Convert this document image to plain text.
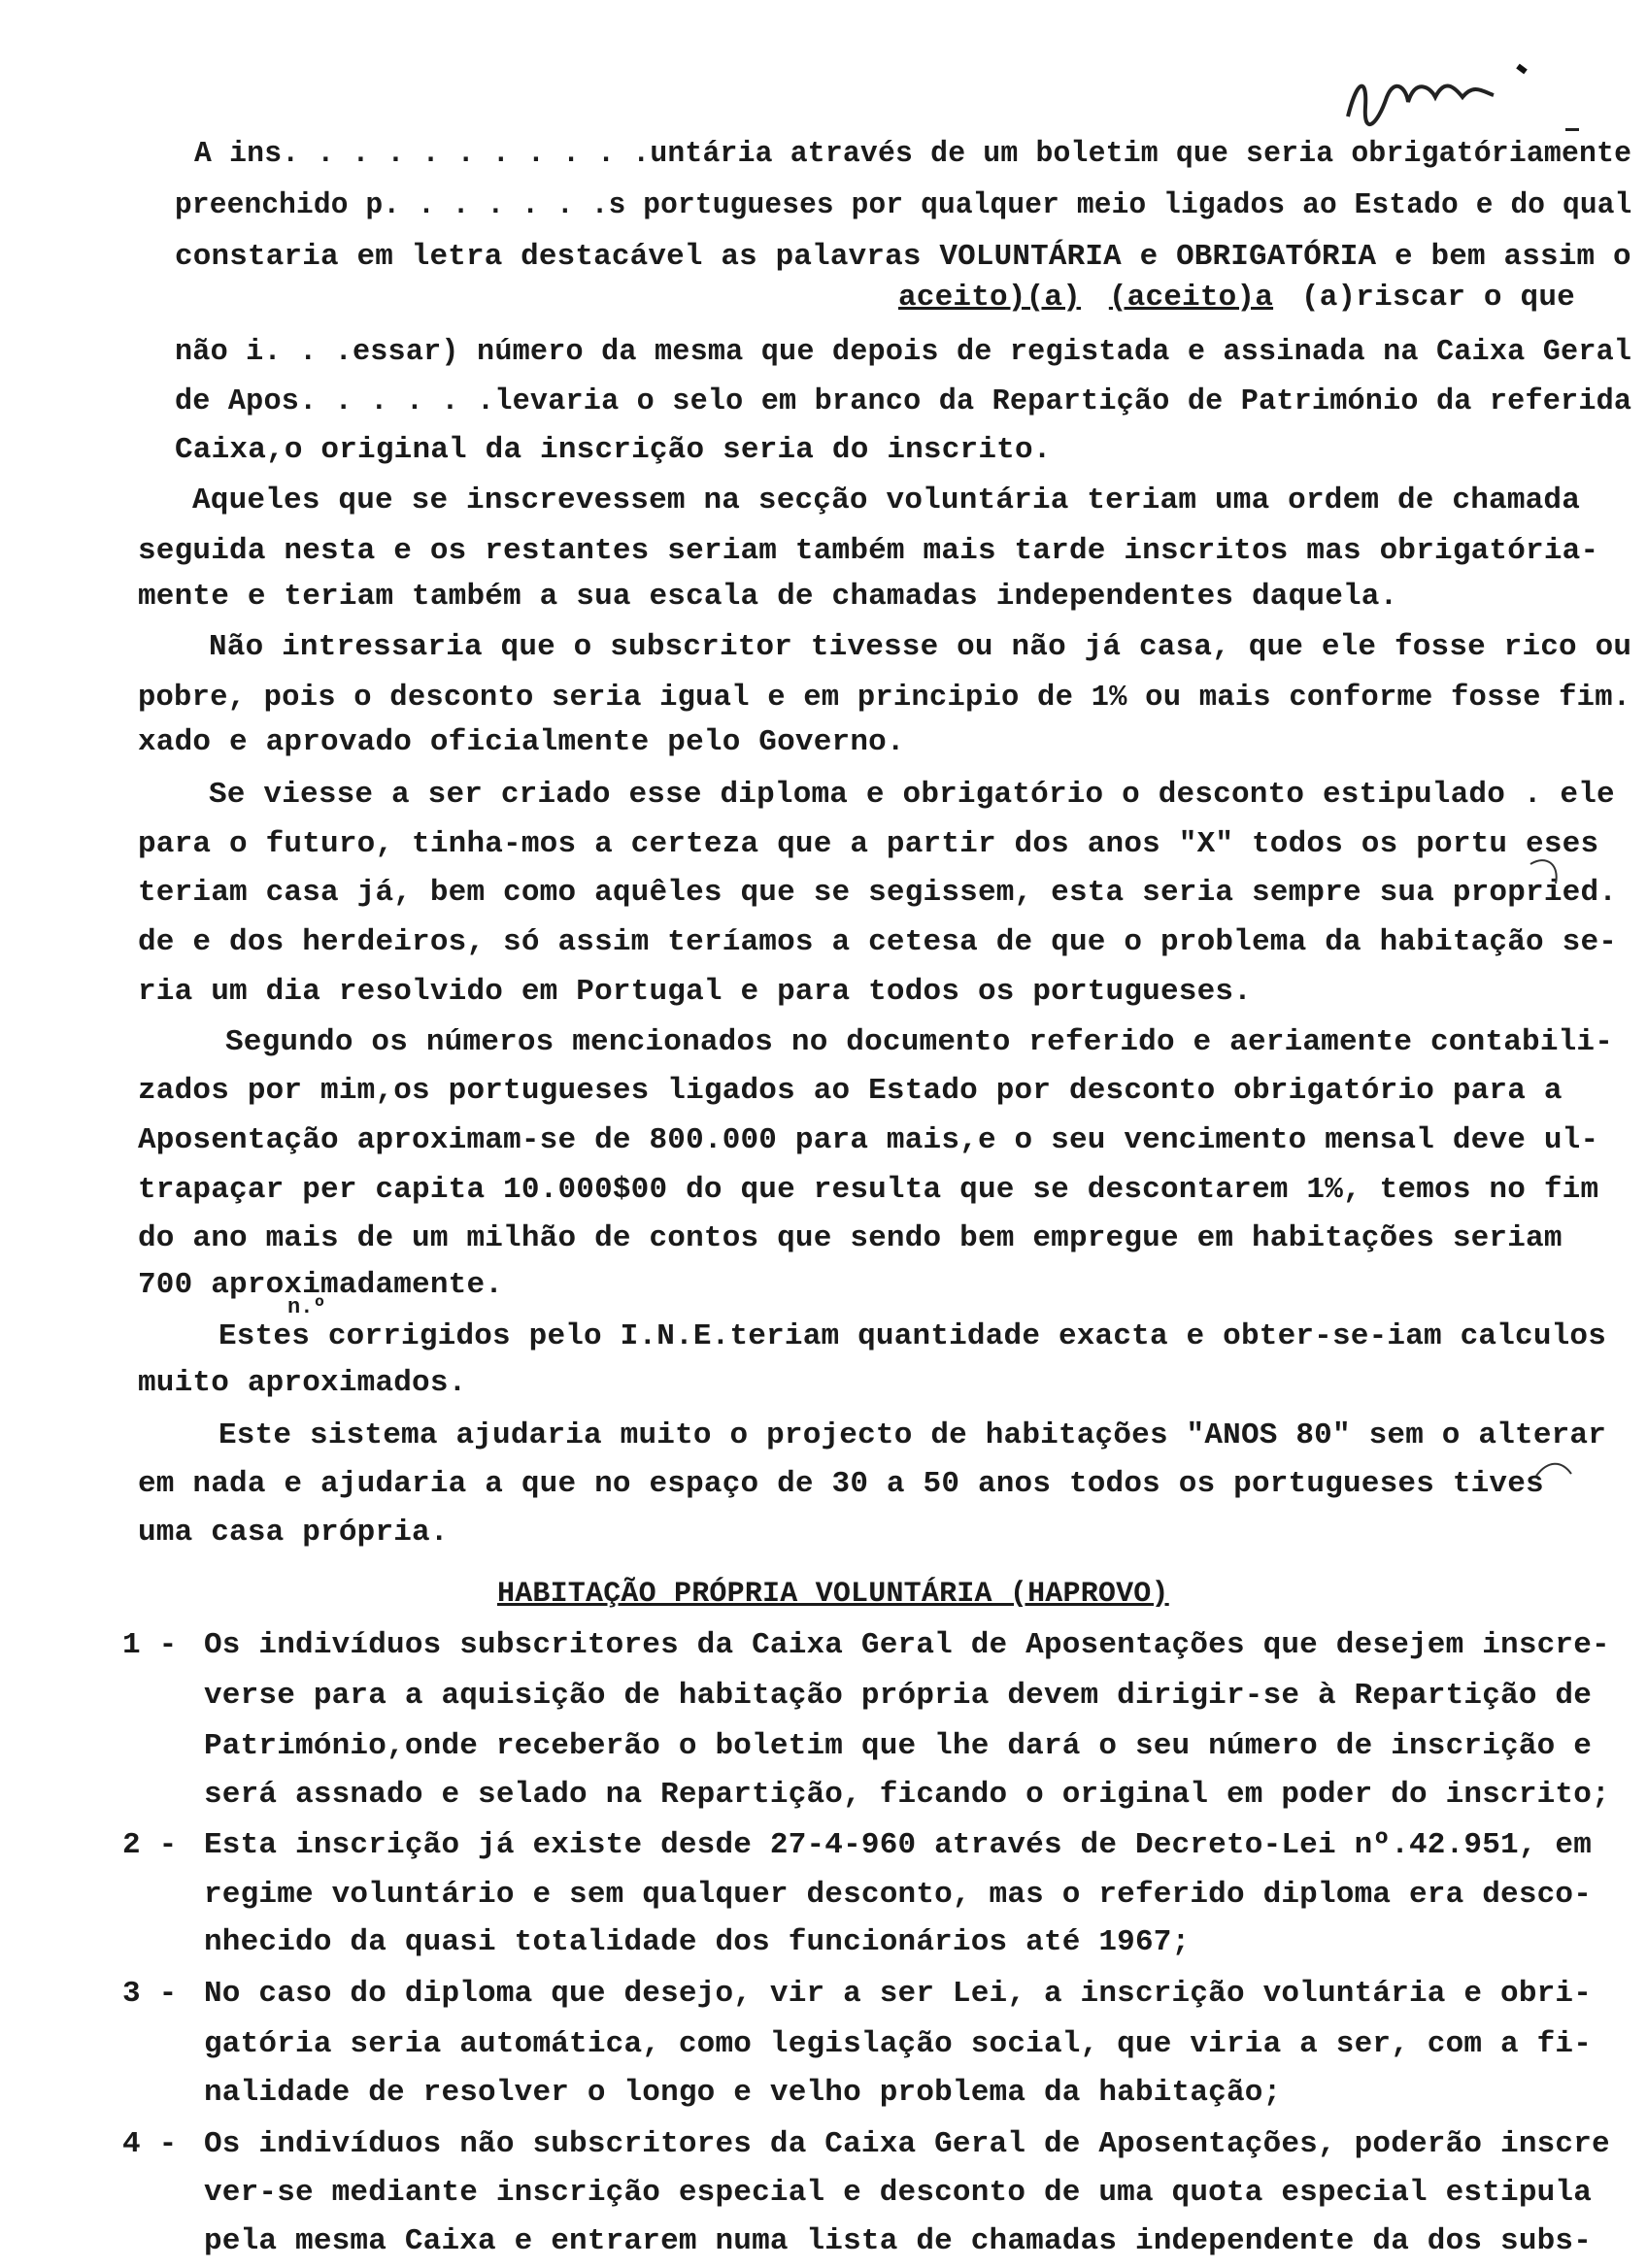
A ins. . . . . . . . . . .untária através de um boletim que seria obrigatóriamente
preenchido p. . . . . . .s portugueses por qualquer meio ligados ao Estado e do qual
constaria em letra destacável as palavras VOLUNTÁRIA e OBRIGATÓRIA e bem assim o
aceito)(a) (aceito)a (a)riscar o que
não i. . .essar) número da mesma que depois de registada e assinada na Caixa Geral
de Apos. . . . . .levaria o selo em branco da Repartição de Património da referida
Caixa,o original da inscrição seria do inscrito.
Aqueles que se inscrevessem na secção voluntária teriam uma ordem de chamada
seguida nesta e os restantes seriam também mais tarde inscritos mas obrigatória-
mente e teriam também a sua escala de chamadas independentes daquela.
Não intressaria que o subscritor tivesse ou não já casa, que ele fosse rico ou
pobre, pois o desconto seria igual e em principio de 1% ou mais conforme fosse fim.
xado e aprovado oficialmente pelo Governo.
Se viesse a ser criado esse diploma e obrigatório o desconto estipulado . ele
para o futuro, tinha-mos a certeza que a partir dos anos "X" todos os portu eses
teriam casa já, bem como aquêles que se segissem, esta seria sempre sua propried.
de e dos herdeiros, só assim teríamos a cetesa de que o problema da habitação se-
ria um dia resolvido em Portugal e para todos os portugueses.
Segundo os números mencionados no documento referido e aeriamente contabili-
zados por mim,os portugueses ligados ao Estado por desconto obrigatório para a
Aposentação aproximam-se de 800.000 para mais,e o seu vencimento mensal deve ul-
trapaçar per capita 10.000$00 do que resulta que se descontarem 1%, temos no fim
do ano mais de um milhão de contos que sendo bem empregue em habitações seriam
700 aproximadamente.
n.º
Estes corrigidos pelo I.N.E.teriam quantidade exacta e obter-se-iam calculos
muito aproximados.
Este sistema ajudaria muito o projecto de habitações "ANOS 80" sem o alterar
em nada e ajudaria a que no espaço de 30 a 50 anos todos os portugueses tives
uma casa própria.
HABITAÇÃO PRÓPRIA VOLUNTÁRIA (HAPROVO)
1 - Os indivíduos subscritores da Caixa Geral de Aposentações que desejem inscre-
verse para a aquisição de habitação própria devem dirigir-se à Repartição de
Património,onde receberão o boletim que lhe dará o seu número de inscrição e
será assnado e selado na Repartição, ficando o original em poder do inscrito;
2 - Esta inscrição já existe desde 27-4-960 através de Decreto-Lei nº.42.951, em
regime voluntário e sem qualquer desconto, mas o referido diploma era desco-
nhecido da quasi totalidade dos funcionários até 1967;
3 - No caso do diploma que desejo, vir a ser Lei, a inscrição voluntária e obri-
gatória seria automática, como legislação social, que viria a ser, com a fi-
nalidade de resolver o longo e velho problema da habitação;
4 - Os indivíduos não subscritores da Caixa Geral de Aposentações, poderão inscre
ver-se mediante inscrição especial e desconto de uma quota especial estipula
pela mesma Caixa e entrarem numa lista de chamadas independente da dos subs-
